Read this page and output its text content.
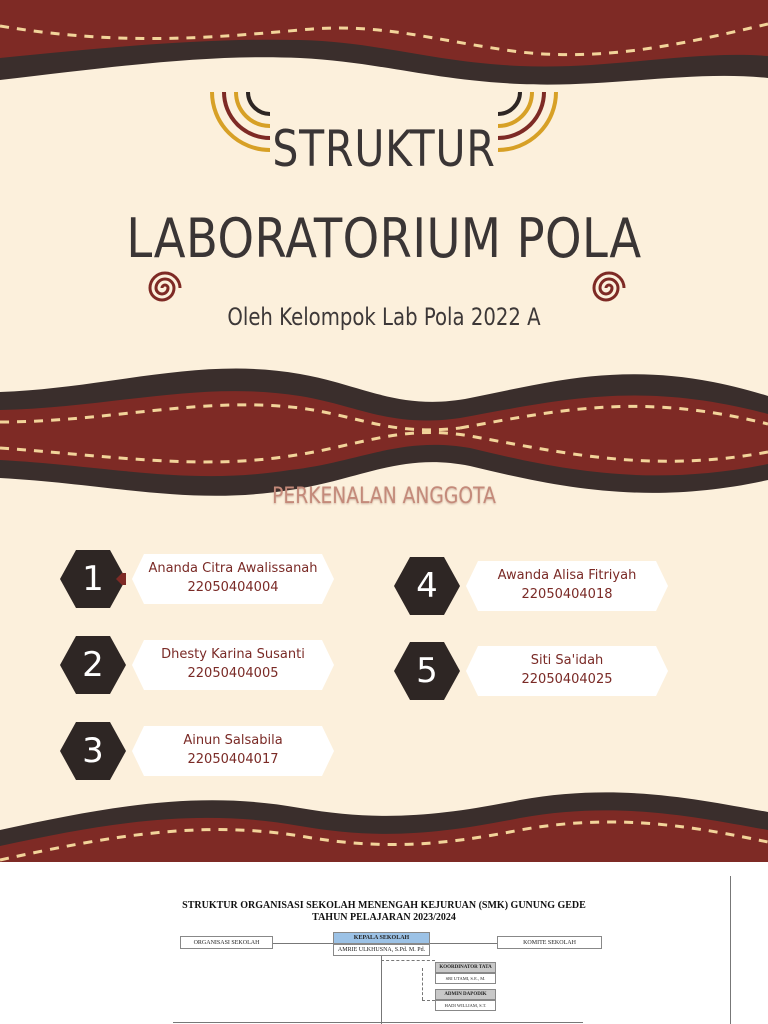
STRUKTUR
LABORATORIUM POLA
Oleh Kelompok Lab Pola 2022 A
PERKENALAN ANGGOTA
1	Ananda Citra Awalissanah
22050404004
2	Dhesty Karina Susanti
22050404005
3	Ainun Salsabila
22050404017
4	Awanda Alisa Fitriyah
22050404018
5	Siti Sa'idah
22050404025
STRUKTUR ORGANISASI SEKOLAH MENENGAH KEJURUAN (SMK) GUNUNG GEDE
TAHUN PELAJARAN 2023/2024
ORGANISASI SEKOLAH
KEPALA SEKOLAH
AMRIE ULKHUSNA, S.Pd. M. Pd.
KOMITE SEKOLAH
KOORDINATOR TATA
SRI UTAMI, S.E., M.
ADMIN DAPODIK
HADI WILLIAM, S.T.
